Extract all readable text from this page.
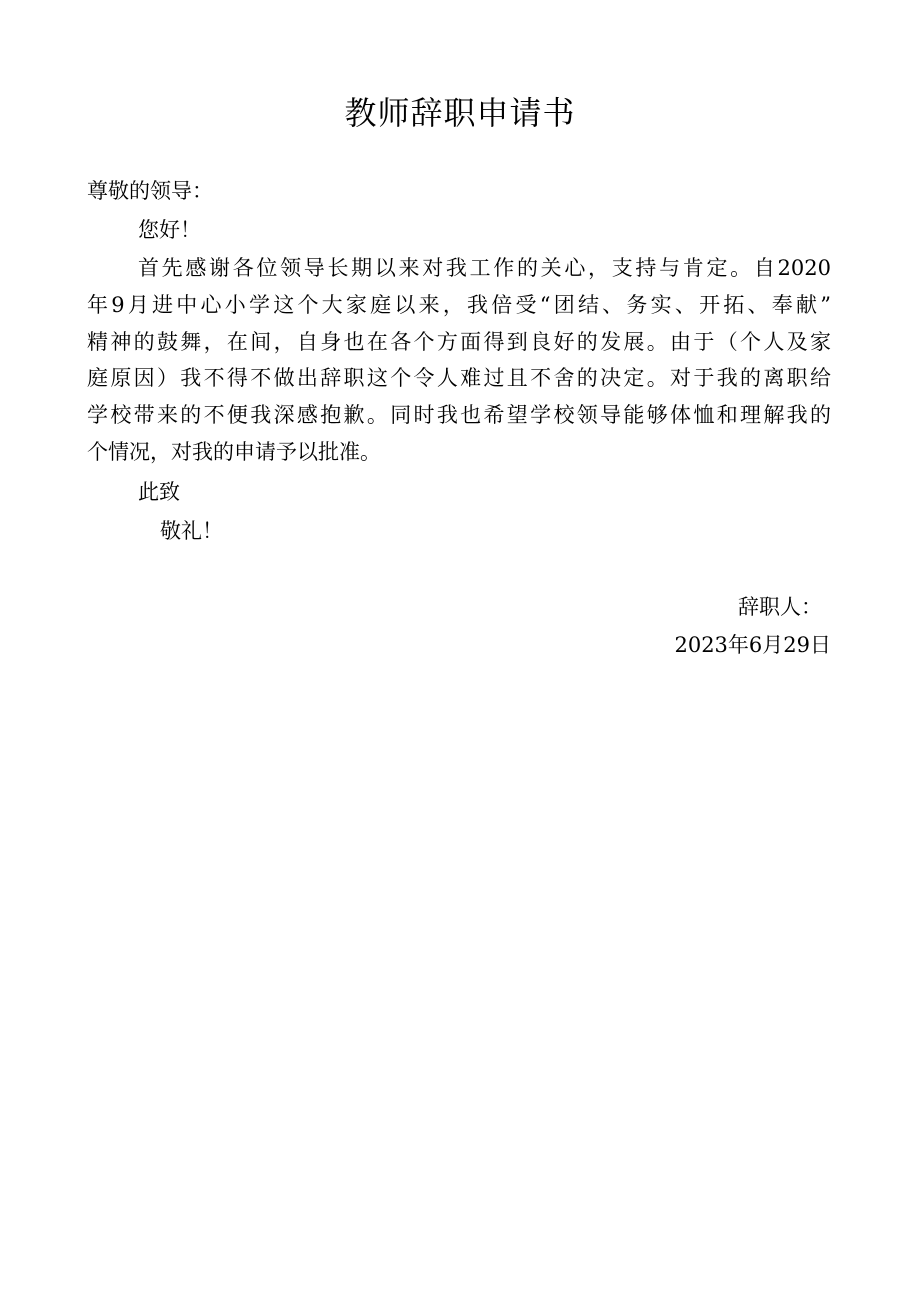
教师辞职申请书
尊敬的领导：
您好！
首先感谢各位领导长期以来对我工作的关心，支持与肯定。自2020
年9月进中心小学这个大家庭以来，我倍受“团结、务实、开拓、奉献”
精神的鼓舞，在间，自身也在各个方面得到良好的发展。由于（个人及家
庭原因）我不得不做出辞职这个令人难过且不舍的决定。对于我的离职给
学校带来的不便我深感抱歉。同时我也希望学校领导能够体恤和理解我的
个情况，对我的申请予以批准。
此致
敬礼！
辞职人：
2023年6月29日
